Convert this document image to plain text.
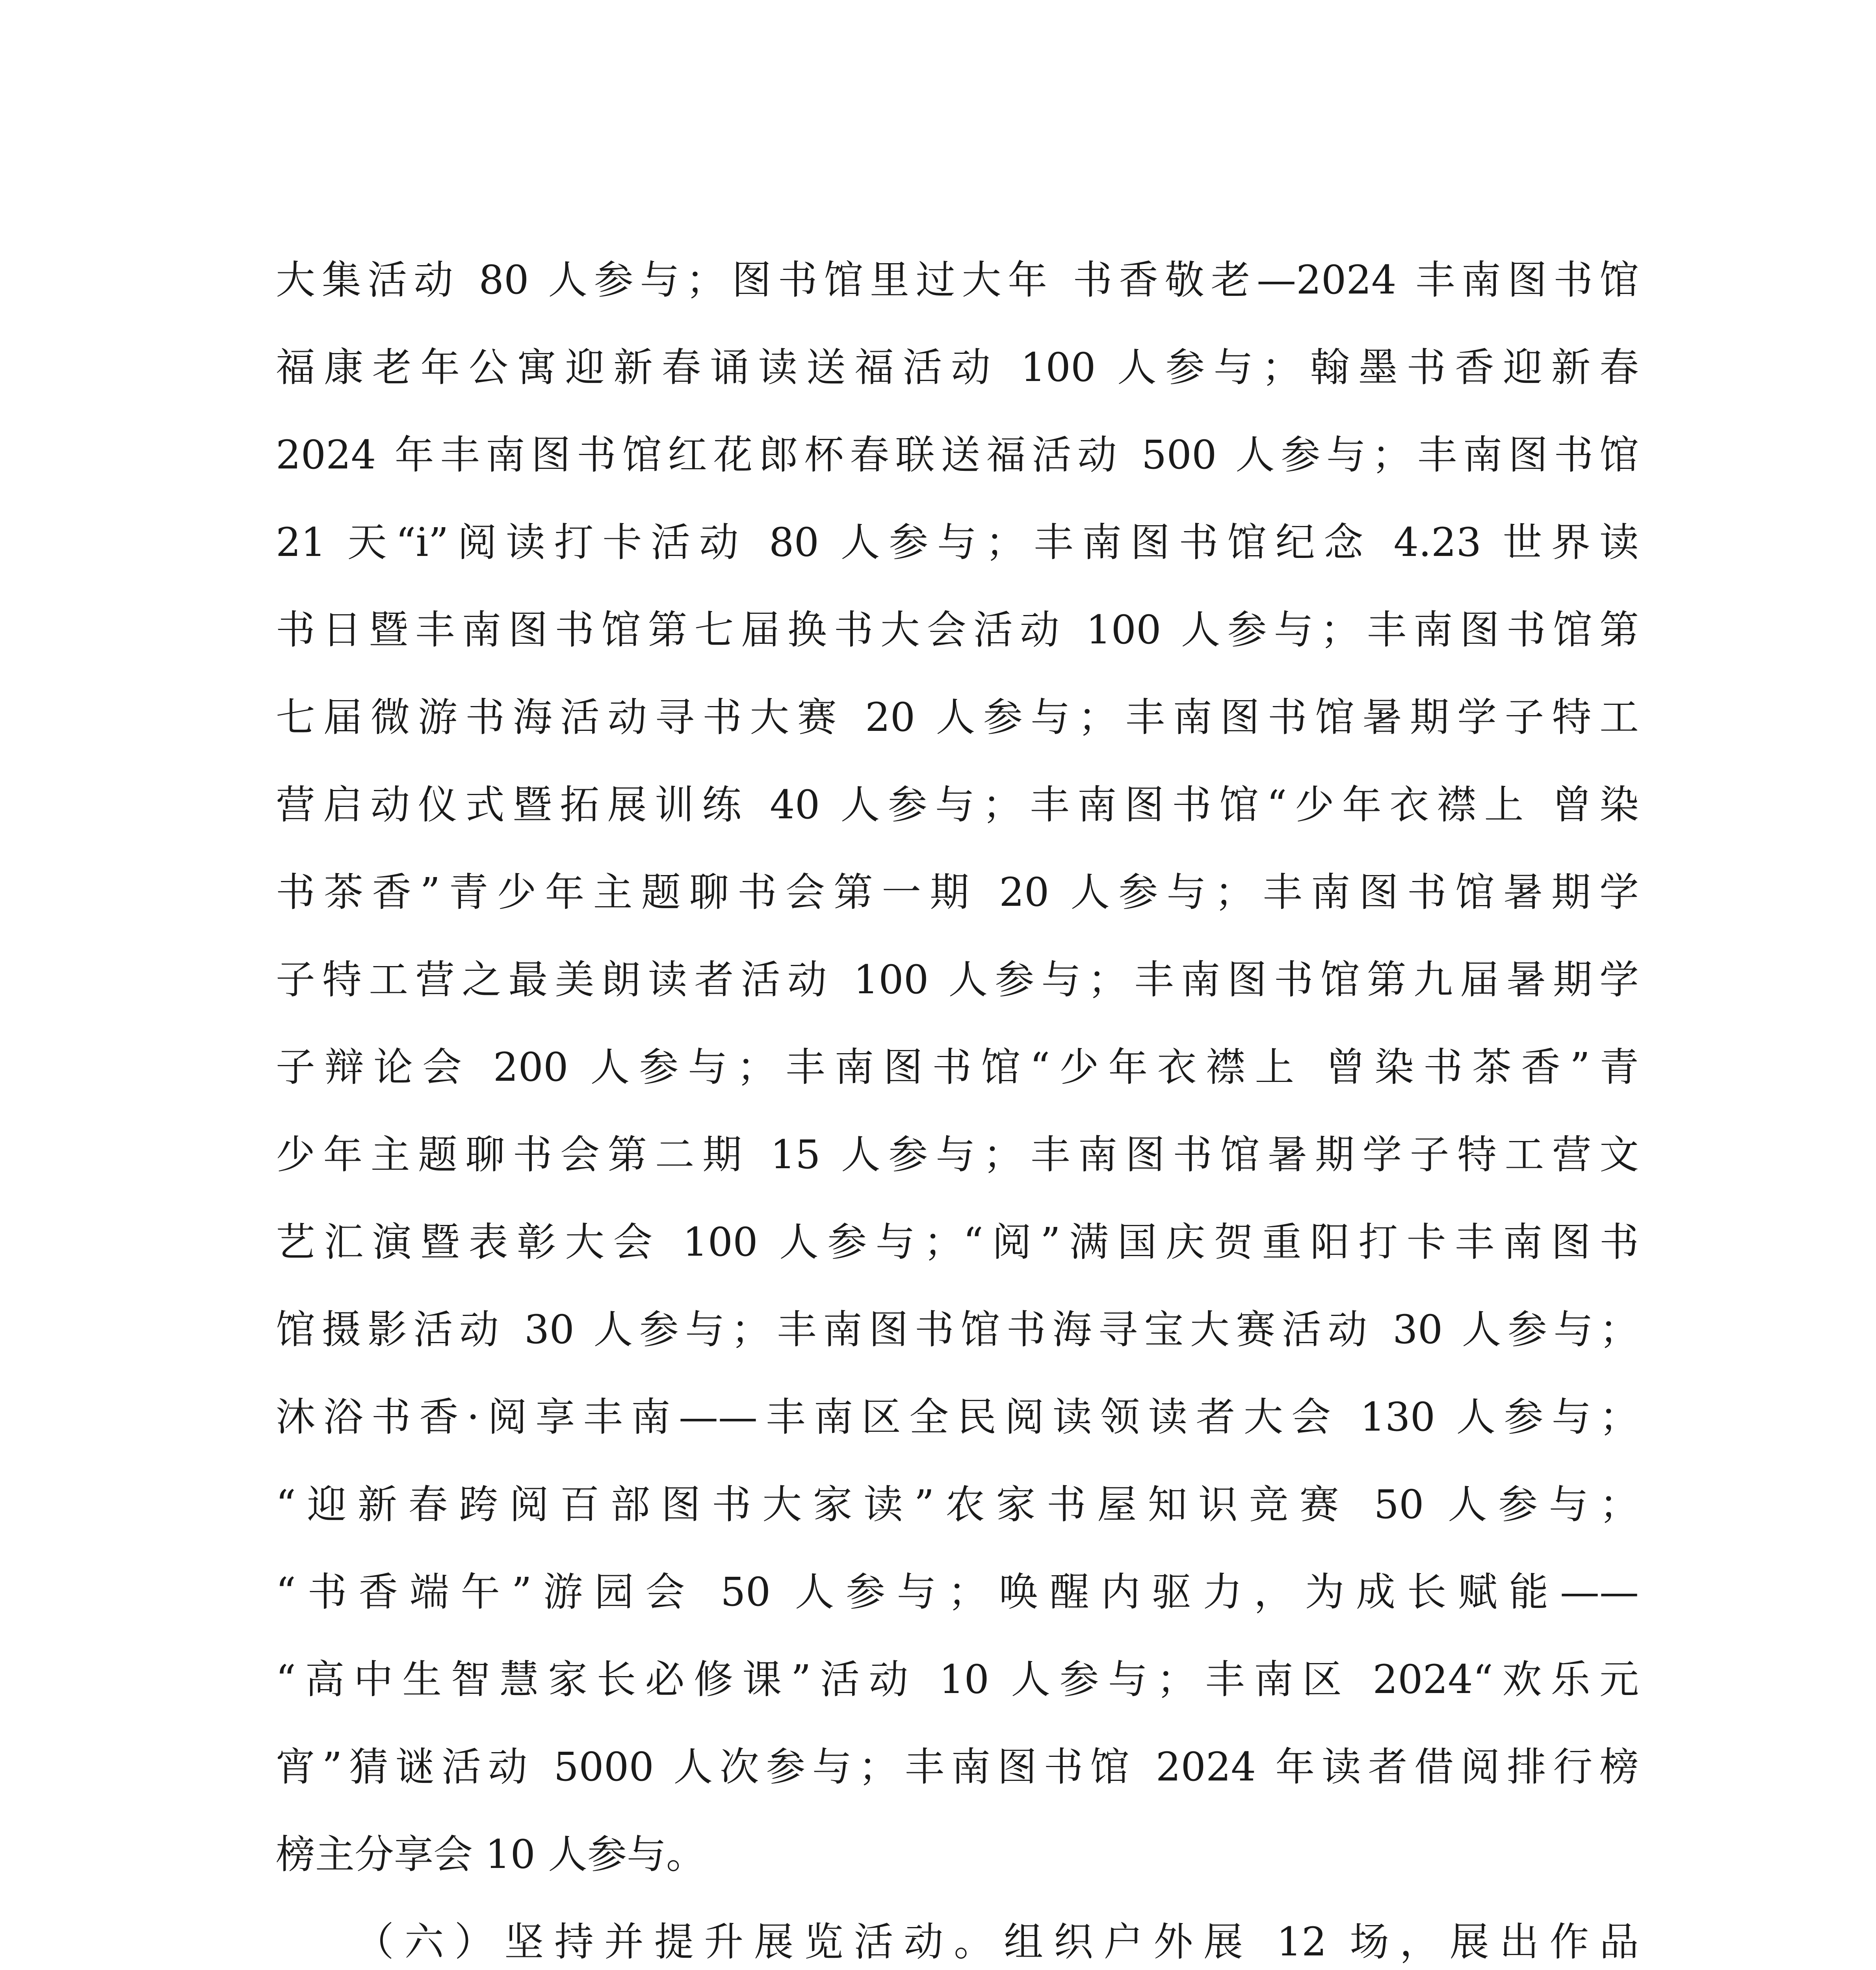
大集活动 80 人参与；图书馆里过大年 书香敬老—2024 丰南图书馆
福康老年公寓迎新春诵读送福活动 100 人参与；翰墨书香迎新春
2024 年丰南图书馆红花郎杯春联送福活动 500 人参与；丰南图书馆
21 天“i”阅读打卡活动 80 人参与；丰南图书馆纪念 4.23 世界读
书日暨丰南图书馆第七届换书大会活动 100 人参与；丰南图书馆第
七届微游书海活动寻书大赛 20 人参与；丰南图书馆暑期学子特工
营启动仪式暨拓展训练 40 人参与；丰南图书馆“少年衣襟上 曾染
书茶香”青少年主题聊书会第一期 20 人参与；丰南图书馆暑期学
子特工营之最美朗读者活动 100 人参与；丰南图书馆第九届暑期学
子辩论会 200 人参与；丰南图书馆“少年衣襟上 曾染书茶香”青
少年主题聊书会第二期 15 人参与；丰南图书馆暑期学子特工营文
艺汇演暨表彰大会 100 人参与；“阅”满国庆贺重阳打卡丰南图书
馆摄影活动 30 人参与；丰南图书馆书海寻宝大赛活动 30 人参与；
沐浴书香·阅享丰南——丰南区全民阅读领读者大会 130 人参与；
“迎新春跨阅百部图书大家读”农家书屋知识竞赛 50 人参与；
“书香端午”游园会 50 人参与；唤醒内驱力，为成长赋能——
“高中生智慧家长必修课”活动 10 人参与；丰南区 2024“欢乐元
宵”猜谜活动 5000 人次参与；丰南图书馆 2024 年读者借阅排行榜
榜主分享会 10 人参与。
（六）坚持并提升展览活动。组织户外展 12 场，展出作品
